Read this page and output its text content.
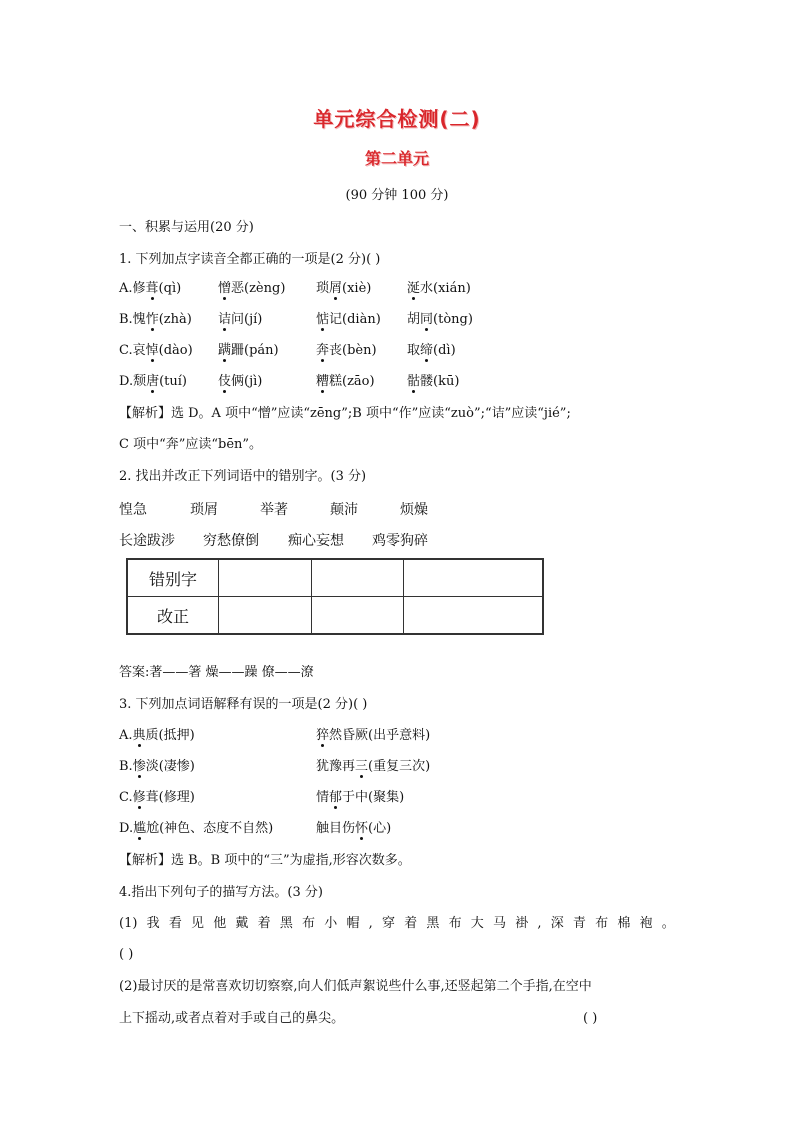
单元综合检测(二)
第二单元
(90 分钟 100 分)
一、积累与运用(20 分)
1. 下列加点字读音全都正确的一项是(2 分)( )
A.修葺(qì)	憎恶(zèng) 琐屑(xiè)	涎水(xián)
B.愧怍(zhà) 诘问(jí)	惦记(diàn) 胡同(tòng)
C.哀悼(dào) 蹒跚(pán)	奔丧(bèn) 取缔(dì)
D.颓唐(tuí) 伎俩(jì)	糟糕(zāo) 骷髅(kū)
【解析】选 D。A 项中“憎”应读“zēng”;B 项中“作”应读“zuò”;“诘”应读“jié”;
C 项中“奔”应读“bēn”。
2. 找出并改正下列词语中的错别字。(3 分)
惶急	琐屑	举著	颠沛	烦燥
长途跋涉 穷愁僚倒 痴心妄想 鸡零狗碎
错别字			
改正			
答案:著——箸 燥——躁 僚——潦
3. 下列加点词语解释有误的一项是(2 分)( )
A.典质(抵押)	猝然昏厥(出乎意料)
B.惨淡(凄惨)	犹豫再三(重复三次)
C.修葺(修理)	情郁于中(聚集)
D.尴尬(神色、态度不自然)	触目伤怀(心)
【解析】选 B。B 项中的“三”为虚指,形容次数多。
4.指出下列句子的描写方法。(3 分)
(1) 我 看 见 他 戴 着 黑 布 小 帽 , 穿 着 黑 布 大 马 褂 , 深 青 布 棉 袍 。
( )
(2)最讨厌的是常喜欢切切察察,向人们低声絮说些什么事,还竖起第二个手指,在空中
上下摇动,或者点着对手或自己的鼻尖。	( )
